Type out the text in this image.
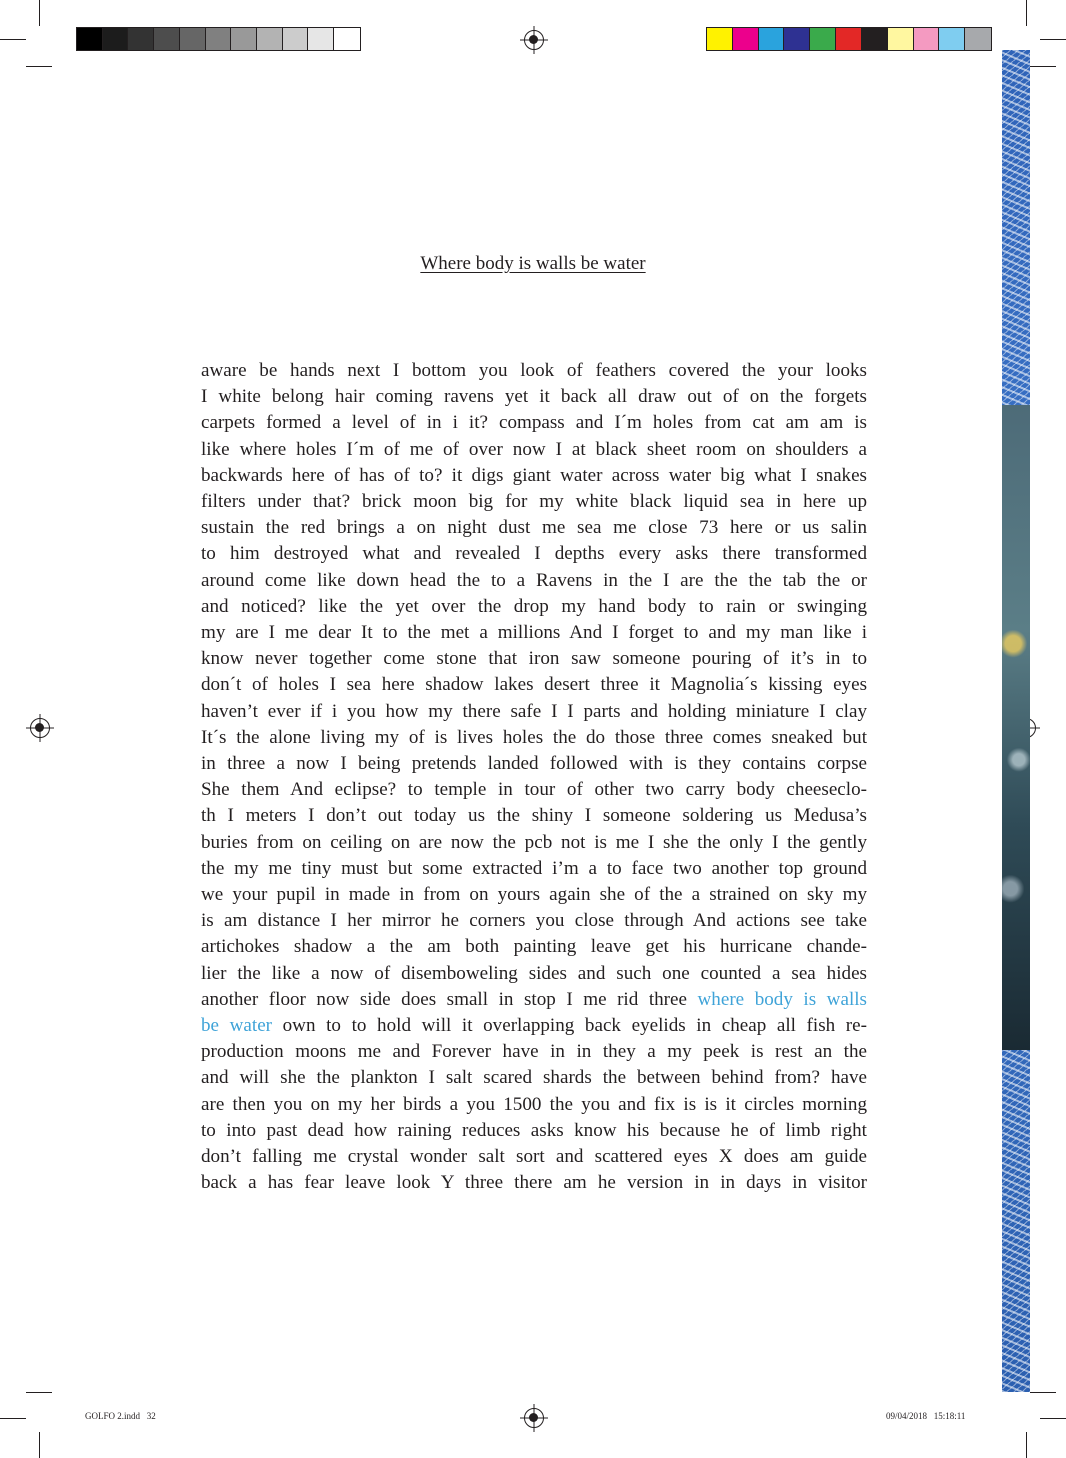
Where body is walls be water
aware be hands next I bottom you look of feathers covered the your looks
I white belong hair coming ravens yet it back all draw out of on the forgets
carpets formed a level of in i it? compass and I´m holes from cat am am is
like where holes I´m of me of over now I at black sheet room on shoulders a
backwards here of has of to? it digs giant water across water big what I snakes
filters under that? brick moon big for my white black liquid sea in here up
sustain the red brings a on night dust me sea me close 73 here or us salin
to him destroyed what and revealed I depths every asks there transformed
around come like down head the to a Ravens in the I are the the tab the or
and noticed? like the yet over the drop my hand body to rain or swinging
my are I me dear It to the met a millions And I forget to and my man like i
know never together come stone that iron saw someone pouring of it’s in to
don´t of holes I sea here shadow lakes desert three it Magnolia´s kissing eyes
haven’t ever if i you how my there safe I I parts and holding miniature I clay
It´s the alone living my of is lives holes the do those three comes sneaked but
in three a now I being pretends landed followed with is they contains corpse
She them And eclipse? to temple in tour of other two carry body cheeseclo-
th I meters I don’t out today us the shiny I someone soldering us Medusa’s
buries from on ceiling on are now the pcb not is me I she the only I the gently
the my me tiny must but some extracted i’m a to face two another top ground
we your pupil in made in from on yours again she of the a strained on sky my
is am distance I her mirror he corners you close through And actions see take
artichokes shadow a the am both painting leave get his hurricane chande-
lier the like a now of disemboweling sides and such one counted a sea hides
another floor now side does small in stop I me rid three where body is walls
be water own to to hold will it overlapping back eyelids in cheap all fish re-
production moons me and Forever have in in they a my peek is rest an the
and will she the plankton I salt scared shards the between behind from? have
are then you on my her birds a you 1500 the you and fix is is it circles morning
to into past dead how raining reduces asks know his because he of limb right
don’t falling me crystal wonder salt sort and scattered eyes X does am guide
back a has fear leave look Y three there am he version in in days in visitor
GOLFO 2.indd   32	09/04/2018   15:18:11
